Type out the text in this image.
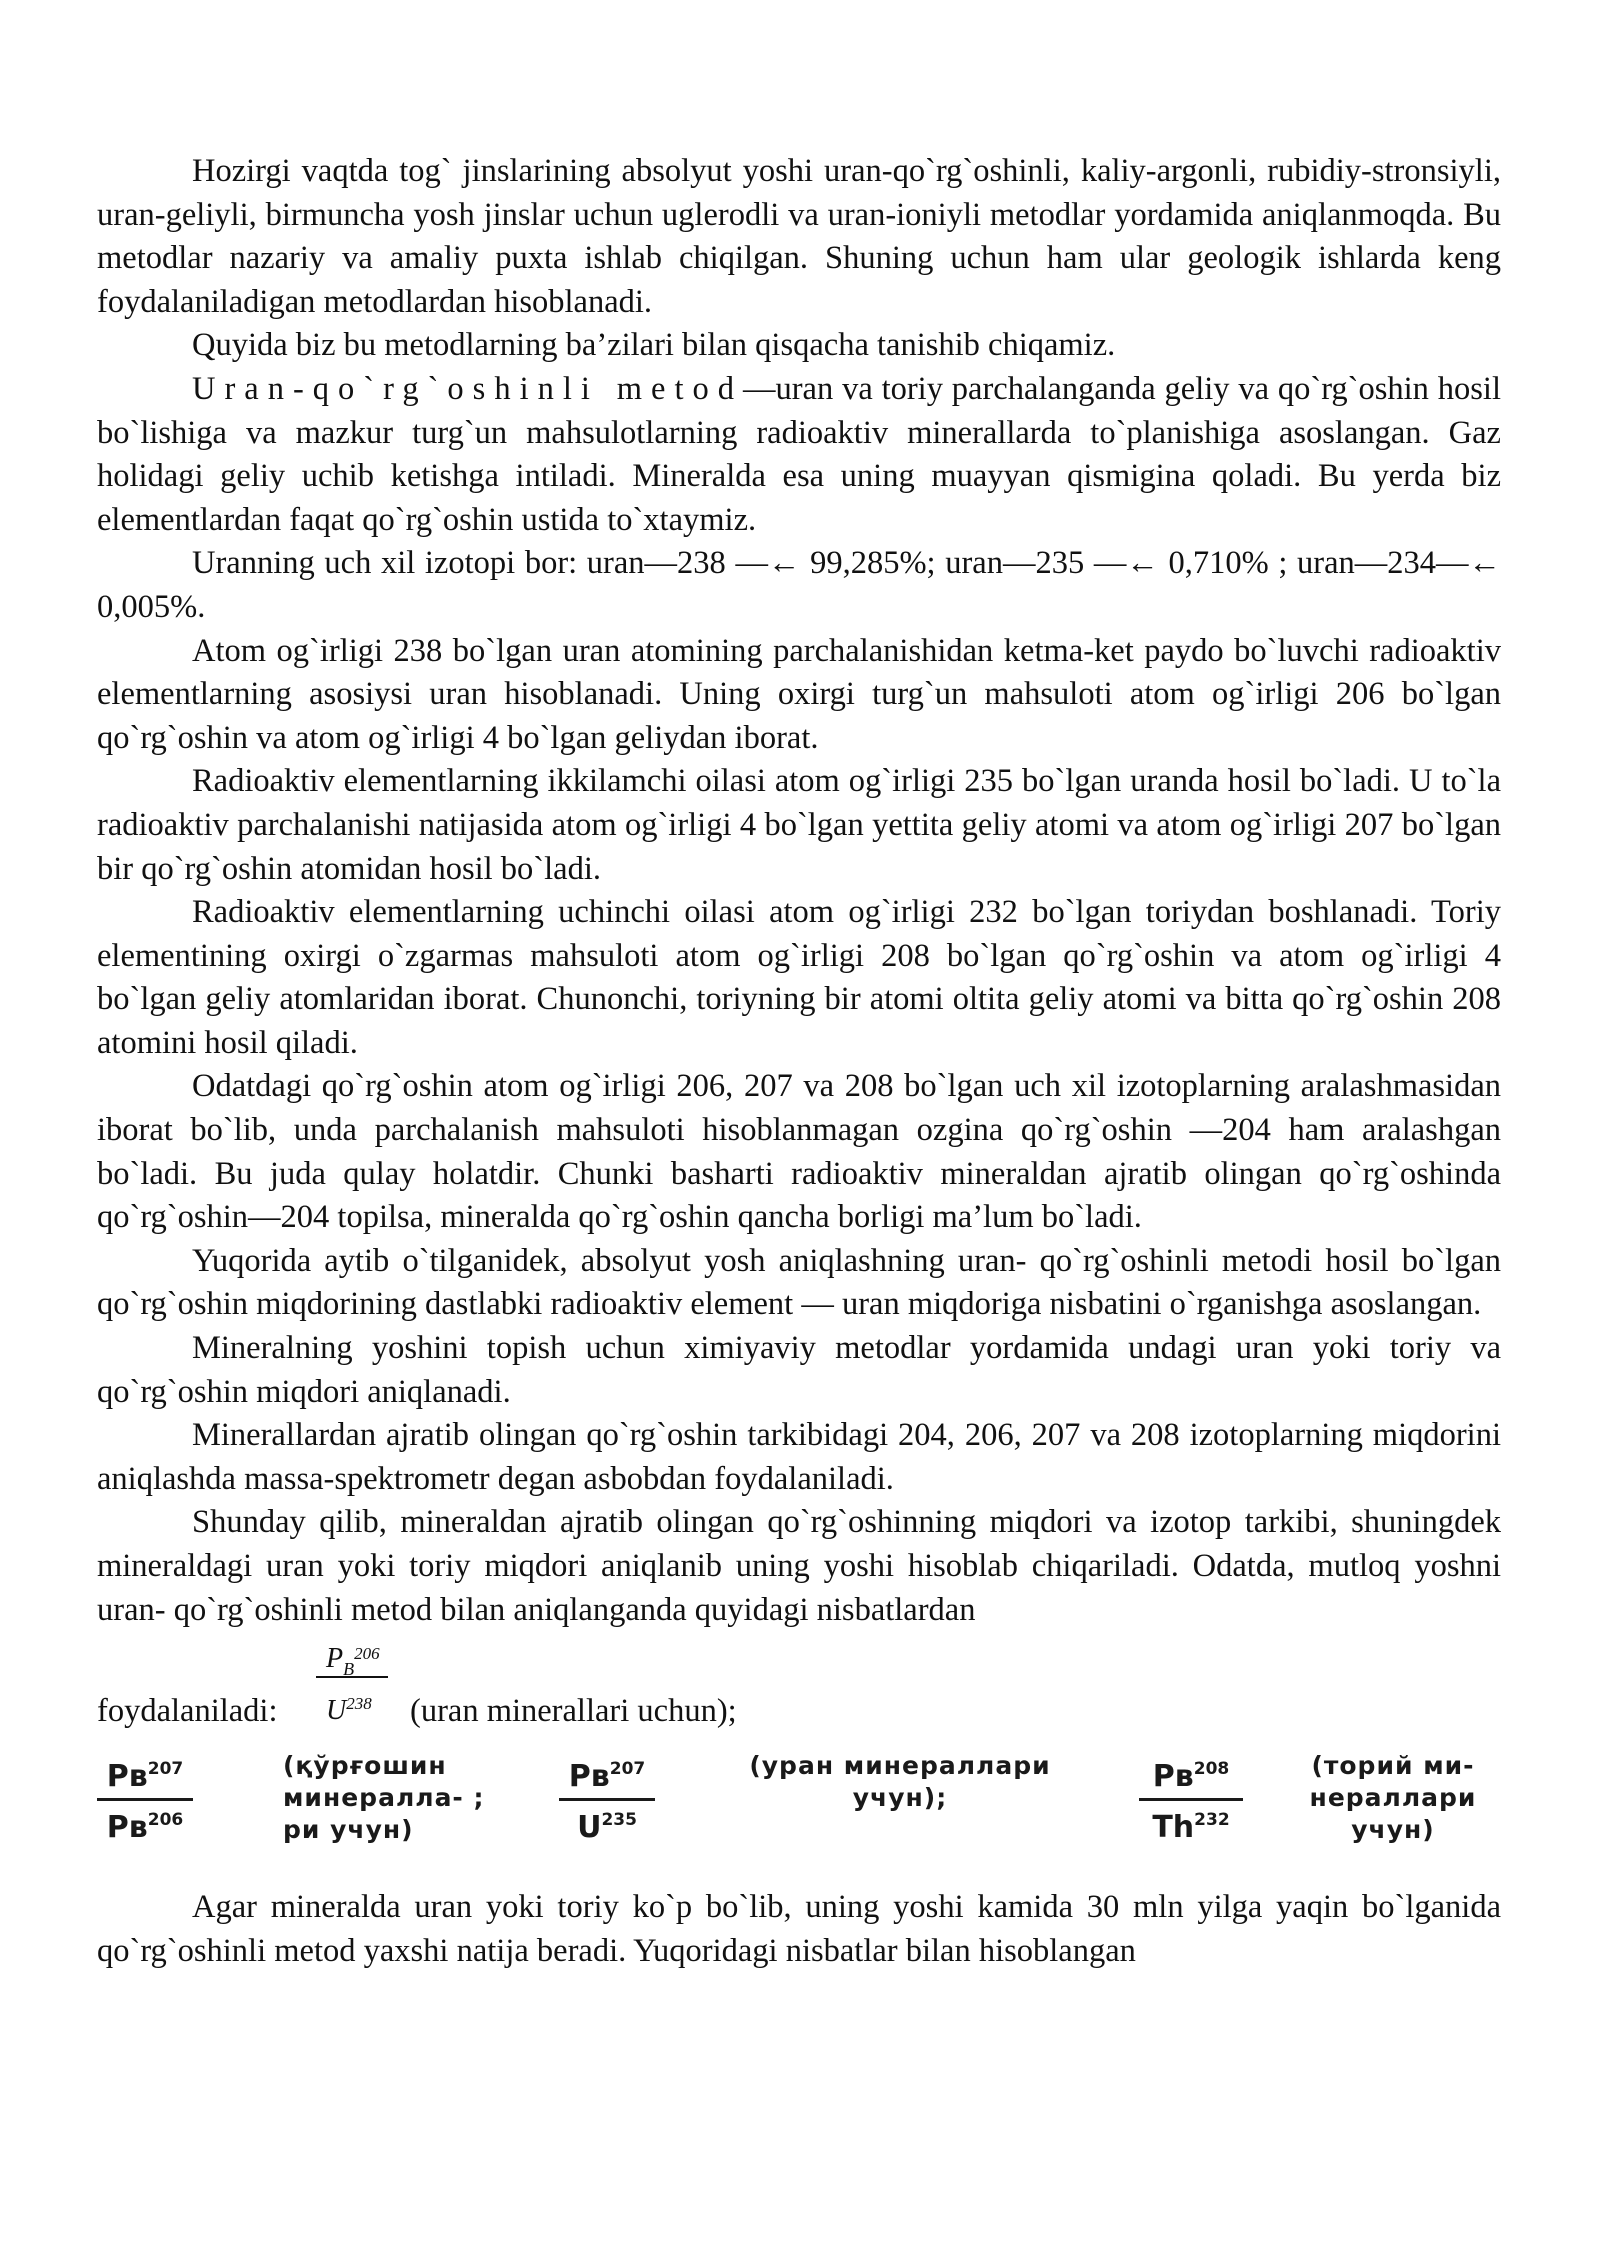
Hozirgi vaqtda tog` jinslarining absolyut yoshi uran-qo`rg`oshinli, kaliy-argonli, rubidiy-stronsiyli, uran-geliyli, birmuncha yosh jinslar uchun uglerodli va uran-ioniyli metodlar yordamida aniqlanmoqda. Bu metodlar nazariy va amaliy puxta ishlab chiqilgan. Shuning uchun ham ular geologik ishlarda keng foydalaniladigan metodlardan hisoblanadi.

Quyida biz bu metodlarning ba’zilari bilan qisqacha tanishib chiqamiz.

Uran-qo`rg`oshinli metod—uran va toriy parchalanganda geliy va qo`rg`oshin hosil bo`lishiga va mazkur turg`un mahsulotlarning radioaktiv minerallarda to`planishiga asoslangan. Gaz holidagi geliy uchib ketishga intiladi. Mineralda esa uning muayyan qismigina qoladi. Bu yerda biz elementlardan faqat qo`rg`oshin ustida to`xtaymiz.

Uranning uch xil izotopi bor: uran—238 —← 99,285%; uran—235 —← 0,710% ; uran—234—← 0,005%.

Atom og`irligi 238 bo`lgan uran atomining parchalanishidan ketma-ket paydo bo`luvchi radioaktiv elementlarning asosiysi uran hisoblanadi. Uning oxirgi turg`un mahsuloti atom og`irligi 206 bo`lgan qo`rg`oshin va atom og`irligi 4 bo`lgan geliydan iborat.

Radioaktiv elementlarning ikkilamchi oilasi atom og`irligi 235 bo`lgan uranda hosil bo`ladi. U to`la radioaktiv parchalanishi natijasida atom og`irligi 4 bo`lgan yettita geliy atomi va atom og`irligi 207 bo`lgan bir qo`rg`oshin atomidan hosil bo`ladi.

Radioaktiv elementlarning uchinchi oilasi atom og`irligi 232 bo`lgan toriydan boshlanadi. Toriy elementining oxirgi o`zgarmas mahsuloti atom og`irligi 208 bo`lgan qo`rg`oshin va atom og`irligi 4 bo`lgan geliy atomlaridan iborat. Chunonchi, toriyning bir atomi oltita geliy atomi va bitta qo`rg`oshin 208 atomini hosil qiladi.

Odatdagi qo`rg`oshin atom og`irligi 206, 207 va 208 bo`lgan uch xil izotoplarning aralashmasidan iborat bo`lib, unda parchalanish mahsuloti hisoblanmagan ozgina qo`rg`oshin —204 ham aralashgan bo`ladi. Bu juda qulay holatdir. Chunki basharti radioaktiv mineraldan ajratib olingan qo`rg`oshinda qo`rg`oshin—204 topilsa, mineralda qo`rg`oshin qancha borligi ma’lum bo`ladi.

Yuqorida aytib o`tilganidek, absolyut yosh aniqlashning uran- qo`rg`oshinli metodi hosil bo`lgan qo`rg`oshin miqdorining dastlabki radioaktiv element — uran miqdoriga nisbatini o`rganishga asoslangan.

Mineralning yoshini topish uchun ximiyaviy metodlar yordamida undagi uran yoki toriy va qo`rg`oshin miqdori aniqlanadi.

Minerallardan ajratib olingan qo`rg`oshin tarkibidagi 204, 206, 207 va 208 izotoplarning miqdorini aniqlashda massa-spektrometr degan asbobdan foydalaniladi.

Shunday qilib, mineraldan ajratib olingan qo`rg`oshinning miqdori va izotop tarkibi, shuningdek mineraldagi uran yoki toriy miqdori aniqlanib uning yoshi hisoblab chiqariladi. Odatda, mutloq yoshni uran- qo`rg`oshinli metod bilan aniqlanganda quyidagi nisbatlardan

foydalaniladi:
$P_B^{206}$
$U^{238}$ (uran minerallari uchun);
$Pв^{207}$
$Pв^{206}$
(қўрғошин
минералла- ;
ри учун)
$Pв^{207}$
$U^{235}$
(уран минераллари
учун);
$Pв^{208}$
Th$^{232}$
(торий ми-
нераллари
учун)

Agar mineralda uran yoki toriy ko`p bo`lib, uning yoshi kamida 30 mln yilga yaqin bo`lganida qo`rg`oshinli metod yaxshi natija beradi. Yuqoridagi nisbatlar bilan hisoblangan
